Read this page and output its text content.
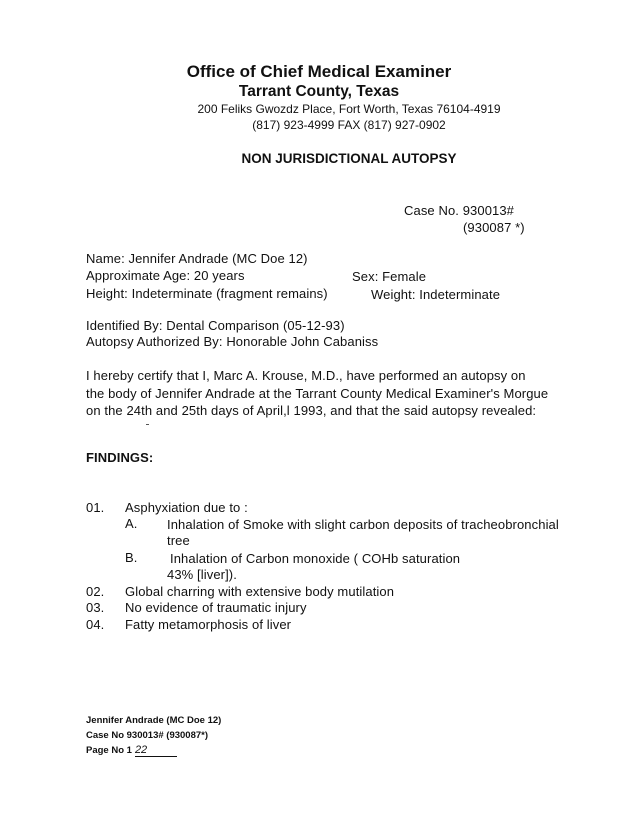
Office of Chief Medical Examiner
Tarrant County, Texas
200 Feliks Gwozdz Place, Fort Worth, Texas 76104-4919
(817) 923-4999 FAX (817) 927-0902
NON JURISDICTIONAL AUTOPSY
Case No. 930013#
(930087 *)
Name: Jennifer Andrade (MC Doe 12)
Approximate Age: 20 years	Sex: Female
Height: Indeterminate (fragment remains)	Weight: Indeterminate
Identified By: Dental Comparison (05-12-93)
Autopsy Authorized By: Honorable John Cabaniss
I hereby certify that I, Marc A. Krouse, M.D., have performed an autopsy on
the body of Jennifer Andrade at the Tarrant County Medical Examiner's Morgue
on the 24th and 25th days of April,l 1993, and that the said autopsy revealed:
FINDINGS:
01. Asphyxiation due to :
A. Inhalation of Smoke with slight carbon deposits of tracheobronchial
tree
B.	Inhalation of Carbon monoxide ( COHb saturation
43% [liver]).
02. Global charring with extensive body mutilation
03. No evidence of traumatic injury
04. Fatty metamorphosis of liver
Jennifer Andrade (MC Doe 12)
Case No 930013# (930087*)
Page No 1 22
